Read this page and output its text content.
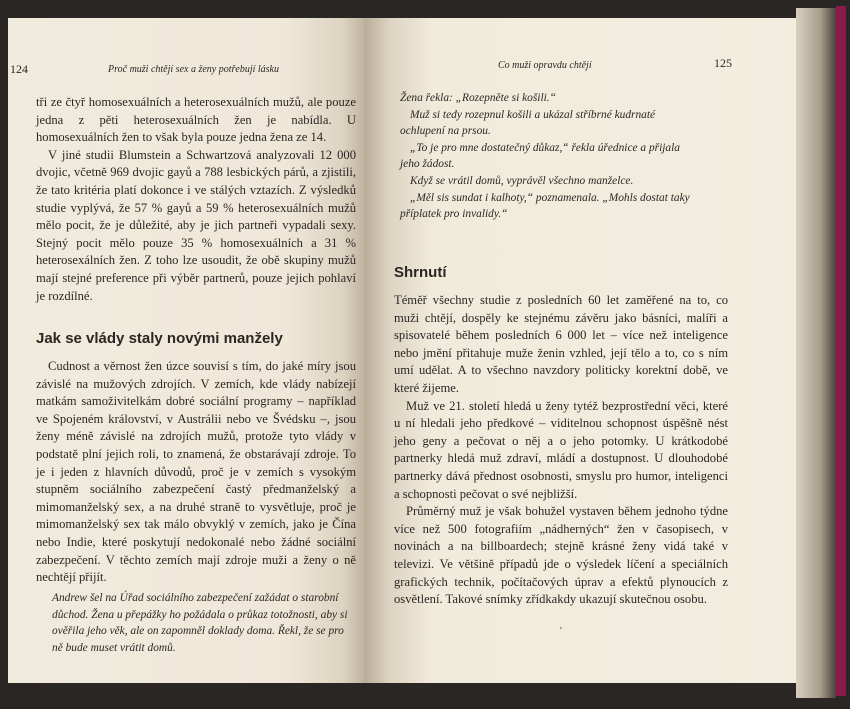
124	Proč muži chtějí sex a ženy potřebují lásku

tři ze čtyř homosexuálních a heterosexuálních mužů, ale pouze jedna z pěti heterosexuálních žen je nabídla. U homosexuálních žen to však byla pouze jedna žena ze 14.

V jiné studii Blumstein a Schwartzová analyzovali 12 000 dvojic, včetně 969 dvojic gayů a 788 lesbických párů, a zjistili, že tato kritéria platí dokonce i ve stálých vztazích. Z výsledků studie vyplývá, že 57 % gayů a 59 % heterosexuálních mužů mělo pocit, že je důležité, aby je jich partneři vypadali sexy. Stejný pocit mělo pouze 35 % homosexuálních a 31 % heterosexálních žen. Z toho lze usoudit, že obě skupiny mužů mají stejné preference při výběr partnerů, pouze jejich pohlaví je rozdílné.

Jak se vlády staly novými manžely

Cudnost a věrnost žen úzce souvisí s tím, do jaké míry jsou závislé na mužových zdrojích. V zemích, kde vlády nabízejí matkám samoživitelkám dobré sociální programy – například ve Spojeném království, v Austrálii nebo ve Švédsku –, jsou ženy méně závislé na zdrojích mužů, protože tyto vlády v podstatě plní jejich roli, to znamená, že obstarávají zdroje. To je i jeden z hlavních důvodů, proč je v zemích s vysokým stupněm sociálního zabezpečení častý předmanželský a mimomanželský sex, a na druhé straně to vysvětluje, proč je mimomanželský sex tak málo obvyklý v zemích, jako je Čína nebo Indie, které poskytují nedokonalé nebo žádné sociální zabezpečení. V těchto zemích mají zdroje muži a ženy o ně nechtějí přijít.

Andrew šel na Úřad sociálního zabezpečení zažádat o starobní důchod. Žena u přepážky ho požádala o průkaz totožnosti, aby si ověřila jeho věk, ale on zapomněl doklady doma. Řekl, že se pro ně bude muset vrátit domů.

Co muži opravdu chtějí	125

Žena řekla: „Rozepněte si košili.“

Muž si tedy rozepnul košili a ukázal stříbrné kudrnaté ochlupení na prsou.

„To je pro mne dostatečný důkaz,“ řekla úřednice a přijala jeho žádost.

Když se vrátil domů, vyprávěl všechno manželce.

„Měl sis sundat i kalhoty,“ poznamenala. „Mohls dostat taky příplatek pro invalidy.“

Shrnutí

Téměř všechny studie z posledních 60 let zaměřené na to, co muži chtějí, dospěly ke stejnému závěru jako básníci, malíři a spisovatelé během posledních 6 000 let – více než inteligence nebo jmění přitahuje muže ženin vzhled, její tělo a to, co s ním umí udělat. A to všechno navzdory politicky korektní době, ve které žijeme.

Muž ve 21. století hledá u ženy tytéž bezprostřední věci, které u ní hledali jeho předkové – viditelnou schopnost úspěšně nést jeho geny a pečovat o něj a o jeho potomky. U krátkodobé partnerky hledá muž zdraví, mládí a dostupnost. U dlouhodobé partnerky dává přednost osobnosti, smyslu pro humor, inteligenci a schopnosti pečovat o své nejbližší.

Průměrný muž je však bohužel vystaven během jednoho týdne více než 500 fotografiím „nádherných“ žen v časopisech, v novinách a na billboardech; stejně krásné ženy vidá také v televizi. Ve většině případů jde o výsledek líčení a speciálních grafických technik, počítačových úprav a efektů plynoucích z osvětlení. Takové snímky zřídkakdy ukazují skutečnou osobu.

'
